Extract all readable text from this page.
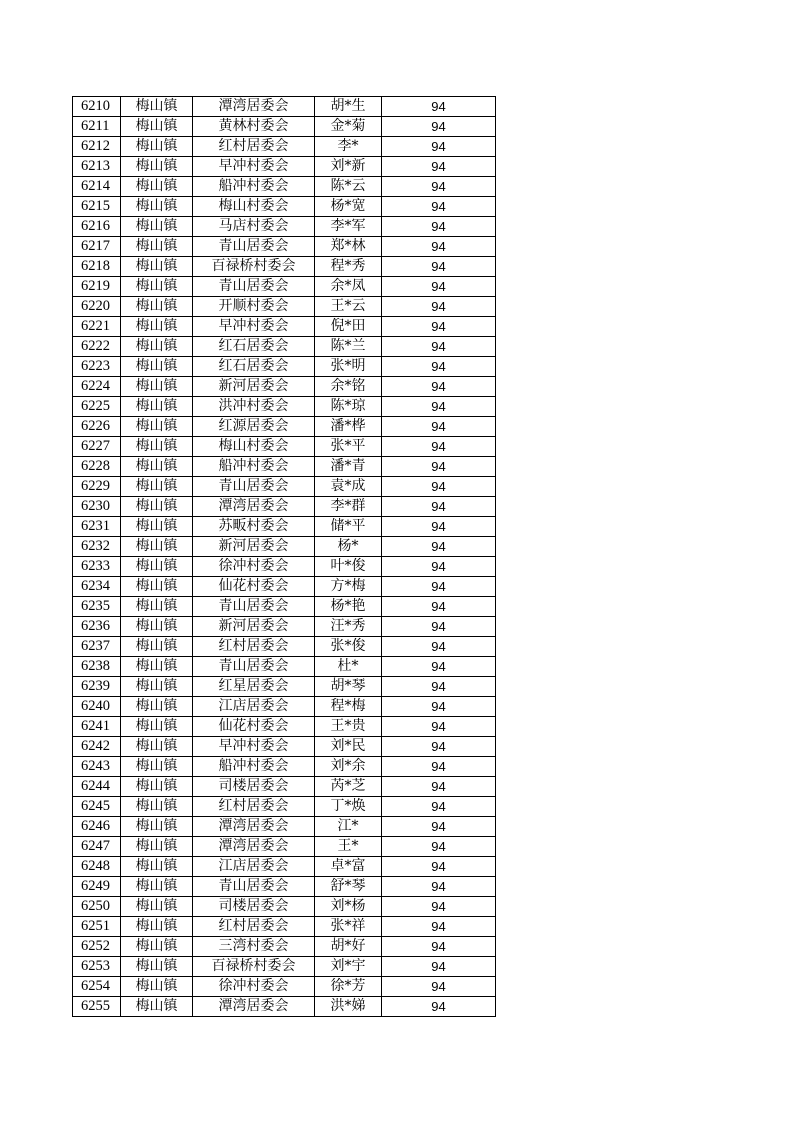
6210	梅山镇	潭湾居委会	胡*生	94
6211	梅山镇	黄林村委会	金*菊	94
6212	梅山镇	红村居委会	李*	94
6213	梅山镇	早冲村委会	刘*新	94
6214	梅山镇	船冲村委会	陈*云	94
6215	梅山镇	梅山村委会	杨*宽	94
6216	梅山镇	马店村委会	李*军	94
6217	梅山镇	青山居委会	郑*林	94
6218	梅山镇	百禄桥村委会	程*秀	94
6219	梅山镇	青山居委会	余*凤	94
6220	梅山镇	开顺村委会	王*云	94
6221	梅山镇	早冲村委会	倪*田	94
6222	梅山镇	红石居委会	陈*兰	94
6223	梅山镇	红石居委会	张*明	94
6224	梅山镇	新河居委会	余*铭	94
6225	梅山镇	洪冲村委会	陈*琼	94
6226	梅山镇	红源居委会	潘*桦	94
6227	梅山镇	梅山村委会	张*平	94
6228	梅山镇	船冲村委会	潘*青	94
6229	梅山镇	青山居委会	袁*成	94
6230	梅山镇	潭湾居委会	李*群	94
6231	梅山镇	苏畈村委会	储*平	94
6232	梅山镇	新河居委会	杨*	94
6233	梅山镇	徐冲村委会	叶*俊	94
6234	梅山镇	仙花村委会	方*梅	94
6235	梅山镇	青山居委会	杨*艳	94
6236	梅山镇	新河居委会	汪*秀	94
6237	梅山镇	红村居委会	张*俊	94
6238	梅山镇	青山居委会	杜*	94
6239	梅山镇	红星居委会	胡*琴	94
6240	梅山镇	江店居委会	程*梅	94
6241	梅山镇	仙花村委会	王*贵	94
6242	梅山镇	早冲村委会	刘*民	94
6243	梅山镇	船冲村委会	刘*余	94
6244	梅山镇	司楼居委会	芮*芝	94
6245	梅山镇	红村居委会	丁*焕	94
6246	梅山镇	潭湾居委会	江*	94
6247	梅山镇	潭湾居委会	王*	94
6248	梅山镇	江店居委会	卓*富	94
6249	梅山镇	青山居委会	舒*琴	94
6250	梅山镇	司楼居委会	刘*杨	94
6251	梅山镇	红村居委会	张*祥	94
6252	梅山镇	三湾村委会	胡*好	94
6253	梅山镇	百禄桥村委会	刘*宇	94
6254	梅山镇	徐冲村委会	徐*芳	94
6255	梅山镇	潭湾居委会	洪*娣	94
